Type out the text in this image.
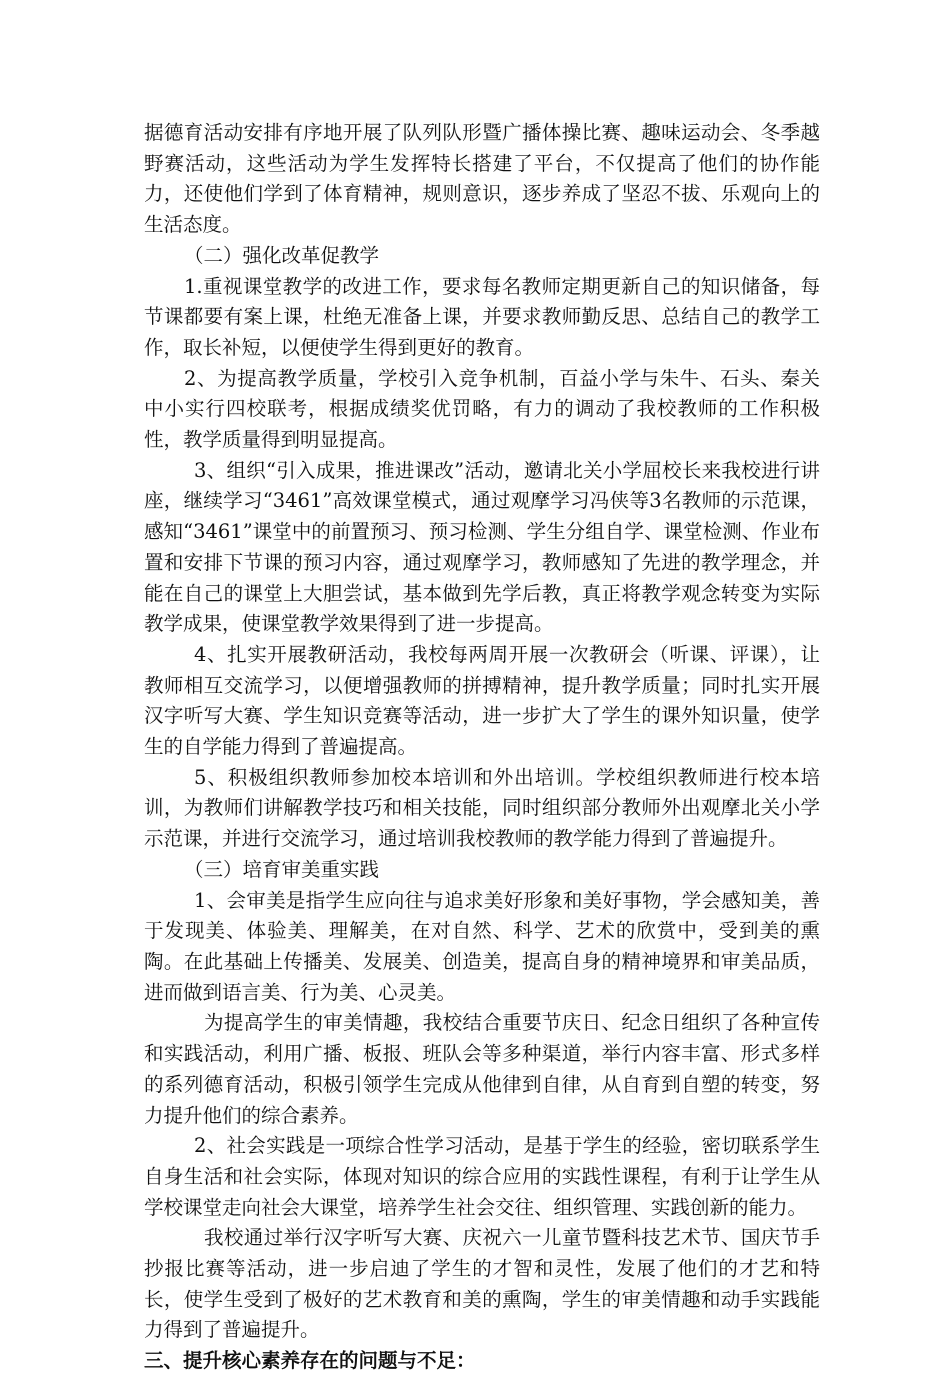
据德育活动安排有序地开展了队列队形暨广播体操比赛、趣味运动会、冬季越野赛活动，这些活动为学生发挥特长搭建了平台，不仅提高了他们的协作能力，还使他们学到了体育精神，规则意识，逐步养成了坚忍不拔、乐观向上的生活态度。

（二）强化改革促教学

1.重视课堂教学的改进工作，要求每名教师定期更新自己的知识储备，每节课都要有案上课，杜绝无准备上课，并要求教师勤反思、总结自己的教学工作，取长补短，以便使学生得到更好的教育。

2、为提高教学质量，学校引入竞争机制，百益小学与朱牛、石头、秦关中小实行四校联考，根据成绩奖优罚略，有力的调动了我校教师的工作积极性，教学质量得到明显提高。

3、组织“引入成果，推进课改”活动，邀请北关小学屈校长来我校进行讲座，继续学习“3461”高效课堂模式，通过观摩学习冯侠等3名教师的示范课，感知“3461”课堂中的前置预习、预习检测、学生分组自学、课堂检测、作业布置和安排下节课的预习内容，通过观摩学习，教师感知了先进的教学理念，并能在自己的课堂上大胆尝试，基本做到先学后教，真正将教学观念转变为实际教学成果，使课堂教学效果得到了进一步提高。

4、扎实开展教研活动，我校每两周开展一次教研会（听课、评课），让教师相互交流学习，以便增强教师的拼搏精神，提升教学质量；同时扎实开展汉字听写大赛、学生知识竞赛等活动，进一步扩大了学生的课外知识量，使学生的自学能力得到了普遍提高。

5、积极组织教师参加校本培训和外出培训。学校组织教师进行校本培训，为教师们讲解教学技巧和相关技能，同时组织部分教师外出观摩北关小学示范课，并进行交流学习，通过培训我校教师的教学能力得到了普遍提升。

（三）培育审美重实践

1、会审美是指学生应向往与追求美好形象和美好事物，学会感知美，善于发现美、体验美、理解美，在对自然、科学、艺术的欣赏中，受到美的熏陶。在此基础上传播美、发展美、创造美，提高自身的精神境界和审美品质，进而做到语言美、行为美、心灵美。

为提高学生的审美情趣，我校结合重要节庆日、纪念日组织了各种宣传和实践活动，利用广播、板报、班队会等多种渠道，举行内容丰富、形式多样的系列德育活动，积极引领学生完成从他律到自律，从自育到自塑的转变，努力提升他们的综合素养。

2、社会实践是一项综合性学习活动，是基于学生的经验，密切联系学生自身生活和社会实际，体现对知识的综合应用的实践性课程，有利于让学生从学校课堂走向社会大课堂，培养学生社会交往、组织管理、实践创新的能力。

我校通过举行汉字听写大赛、庆祝六一儿童节暨科技艺术节、国庆节手抄报比赛等活动，进一步启迪了学生的才智和灵性，发展了他们的才艺和特长，使学生受到了极好的艺术教育和美的熏陶，学生的审美情趣和动手实践能力得到了普遍提升。

三、提升核心素养存在的问题与不足：
